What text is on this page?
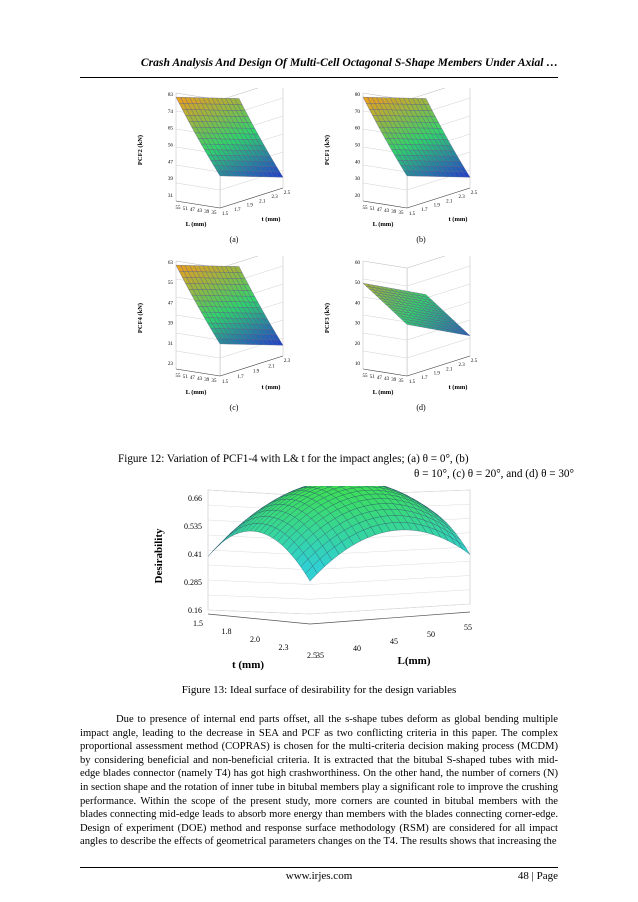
Crash Analysis And Design Of Multi-Cell Octagonal S-Shape Members Under Axial …
31
39
47
56
65
74
83
PCF2 (kN)
55 51 47 43 39 35 1.5
1.7
1.9
2.1
2.3
2.5
L (mm)
t (mm)
(a)
20
30
40
50
60
70
80
PCF1 (kN)
55 51 47 43 39 35 1.5
1.7
1.9
2.1
2.3
2.5
L (mm)
t (mm)
(b)
23
31
39
47
55
63
PCF4 (kN)
55 51 47 43 39 35 1.5
1.7
1.9
2.1
2.3
L (mm)
t (mm)
(c)
10
20
30
40
50
60
PCF3 (kN)
55 51 47 43 39 35 1.5
1.7
1.9
2.1
2.3
2.5
L (mm)
t (mm)
(d)
Figure 12: Variation of PCF1-4 with L& t for the impact angles; (a) θ = 0°, (b)
θ = 10°, (c) θ = 20°, and (d) θ = 30°
0.66
0.535
0.41
0.285
0.16
Desirability
1.5
1.8
2.0
2.3
2.5 35
40
45
50
55
t (mm)	L(mm)
Figure 13: Ideal surface of desirability for the design variables

Due to presence of internal end parts offset, all the s-shape tubes deform as global bending multiple impact angle, leading to the decrease in SEA and PCF as two conflicting criteria in this paper. The complex proportional assessment method (COPRAS) is chosen for the multi-criteria decision making process (MCDM) by considering beneficial and non-beneficial criteria. It is extracted that the bitubal S-shaped tubes with mid-edge blades connector (namely T4) has got high crashworthiness. On the other hand, the number of corners (N) in section shape and the rotation of inner tube in bitubal members play a significant role to improve the crushing performance. Within the scope of the present study, more corners are counted in bitubal members with the blades connecting mid-edge leads to absorb more energy than members with the blades connecting corner-edge. Design of experiment (DOE) method and response surface methodology (RSM) are considered for all impact angles to describe the effects of geometrical parameters changes on the T4. The results shows that increasing the

www.irjes.com	48 | Page
